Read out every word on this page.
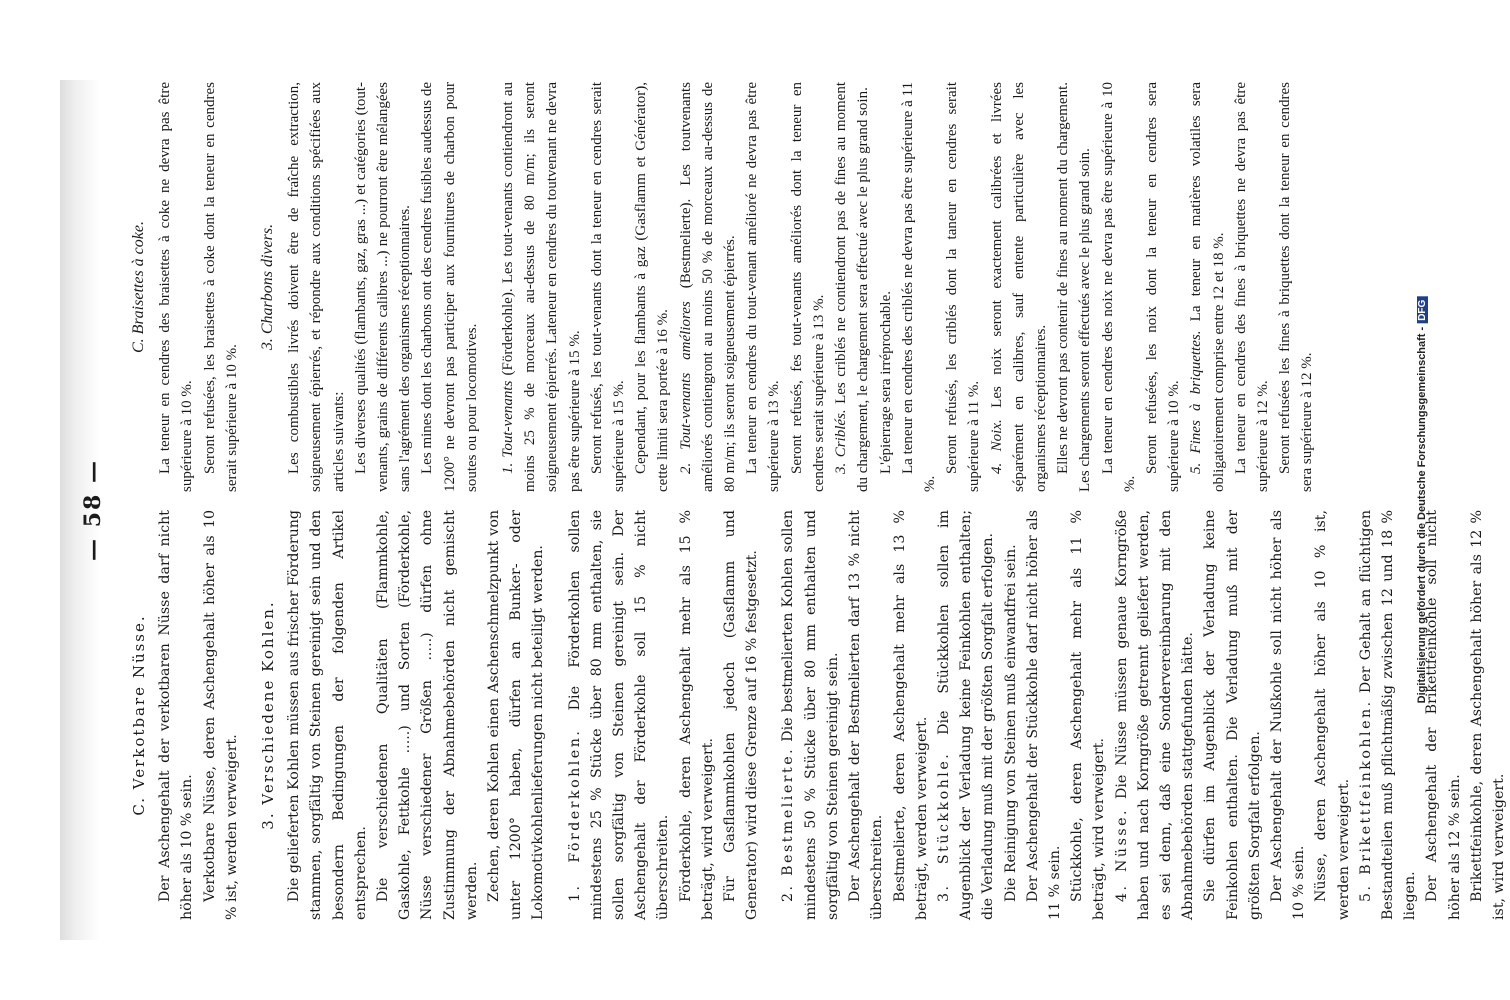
— 58 —
C. Verkotbare Nüsse. Der Aschengehalt der verkotbaren Nüsse darf nicht höher als 10 % sein. Verkotbare Nüsse, deren Aschengehalt höher als 10 % ist, werden verweigert. 3. Verschiedene Kohlen. Die gelieferten Kohlen müssen aus frischer Förderung stammen, sorgfältig von Steinen gereinigt sein und den besondern Bedingungen der folgenden Artikel entsprechen. Die verschiedenen Qualitäten (Flammkohle, Gaskohle, Fettkohle .....) und Sorten (Förderkohle, Nüsse verschiedener Größen .....) dürfen ohne Zustimmung der Abnahmebehörden nicht gemischt werden. Zechen, deren Kohlen einen Aschenschmelzpunkt von unter 1200° haben, dürfen an Bunker- oder Lokomotivkohlenlieferungen nicht beteiligt werden. 1. Förderkohlen. Die Förderkohlen sollen mindestens 25 % Stücke über 80 mm enthalten, sie sollen sorgfältig von Steinen gereinigt sein. Der Aschengehalt der Förderkohle soll 15 % nicht überschreiten. Förderkohle, deren Aschengehalt mehr als 15 % beträgt, wird verweigert. Für Gasflammkohlen jedoch (Gasflamm und Generator) wird diese Grenze auf 16 % festgesetzt. 2. Bestmelierte. Die bestmelierten Kohlen sollen mindestens 50 % Stücke über 80 mm enthalten und sorgfältig von Steinen gereinigt sein. Der Aschengehalt der Bestmelierten darf 13 % nicht überschreiten. Bestmelierte, deren Aschengehalt mehr als 13 % beträgt, werden verweigert. 3. Stückkohle. Die Stückkohlen sollen im Augenblick der Verladung keine Feinkohlen enthalten; die Verladung muß mit der größten Sorgfalt erfolgen. Die Reinigung von Steinen muß einwandfrei sein. Der Aschengehalt der Stückkohle darf nicht höher als 11 % sein. Stückkohle, deren Aschengehalt mehr als 11 % beträgt, wird verweigert. 4. Nüsse. Die Nüsse müssen genaue Korngröße haben und nach Korngröße getrennt geliefert werden, es sei denn, daß eine Sondervereinbarung mit den Abnahmebehörden stattgefunden hätte. Sie dürfen im Augenblick der Verladung keine Feinkohlen enthalten. Die Verladung muß mit der größten Sorgfalt erfolgen. Der Aschengehalt der Nußkohle soll nicht höher als 10 % sein. Nüsse, deren Aschengehalt höher als 10 % ist, werden verweigert. 5. Brikettfeinkohlen. Der Gehalt an flüchtigen Bestandteilen muß pflichtmäßig zwischen 12 und 18 % liegen. Der Aschengehalt der Brikettfeinkohle soll nicht höher als 12 % sein. Brikettfeinkohle, deren Aschengehalt höher als 12 % ist, wird verweigert.

C. Braisettes à coke. La teneur en cendres des braisettes à coke ne devra pas être supérieure à 10 %. Seront refusées, les braisettes à coke dont la teneur en cendres serait supérieure à 10 %.

3. Charbons divers. Les combustibles livrés doivent être de fraîche extraction, soigneusement épierrés, et répondre aux conditions spécifiées aux articles suivants: Les diverses qualités (flambants, gaz, gras ...) et catégories (tout-venants, grains de différents calibres ...) ne pourront être mélangées sans l'agrément des organismes réceptionnaires. Les mines dont les charbons ont des cendres fusibles audessus de 1200° ne devront pas participer aux fournitures de charbon pour soutes ou pour locomotives. 1. Tout-venants (Förderkohle). Les tout-venants contiendront au moins 25 % de morceaux au-dessus de 80 m/m; ils seront soigneusement épierrés. Lateneur en cendres du toutvenant ne devra pas être supérieure à 15 %. Seront refusés, les tout-venants dont la teneur en cendres serait supérieure à 15 %. Cependant, pour les flambants à gaz (Gasflamm et Générator), cette limiti sera portée à 16 %. 2. Tout-venants améliores (Bestmelierte). Les toutvenants améliorés contiengront au moins 50 % de morceaux au-dessus de 80 m/m; ils seront soigneusement épierrés. La teneur en cendres du tout-venant amélioré ne devra pas être supérieure à 13 %. Seront refusés, fes tout-venants améliorés dont la teneur en cendres serait supérieure à 13 %. 3. Criblés. Les criblés ne contiendront pas de fines au moment du chargement, le chargement sera effectué avec le plus grand soin. L'épierrage sera irréprochable. La teneur en cendres des criblés ne devra pas être supérieure à 11 %.

Seront refusés, les criblés dont la taneur en cendres serait supérieure à 11 %. 4. Noix. Les noix seront exactement calibrées et livrées séparément en calibres, sauf entente particulière avec les organismes réceptionnaires. Elles ne devront pas contenir de fines au moment du chargement. Les chargements seront effectués avec le plus grand soin. La teneur en cendres des noix ne devra pas être supérieure à 10 %.

Seront refusées, les noix dont la teneur en cendres sera supérieure à 10 %. 5. Fines à briquettes. La teneur en matières volatiles sera obligatoirement comprise entre 12 et 18 %. La teneur en cendres des fines à briquettes ne devra pas être supérieure à 12 %. Seront refusées les fines à briquettes dont la teneur en cendres sera supérieure à 12 %.	Digitalisierung gefördert durch die Deutsche Forschungsgemeinschaft -DFG
